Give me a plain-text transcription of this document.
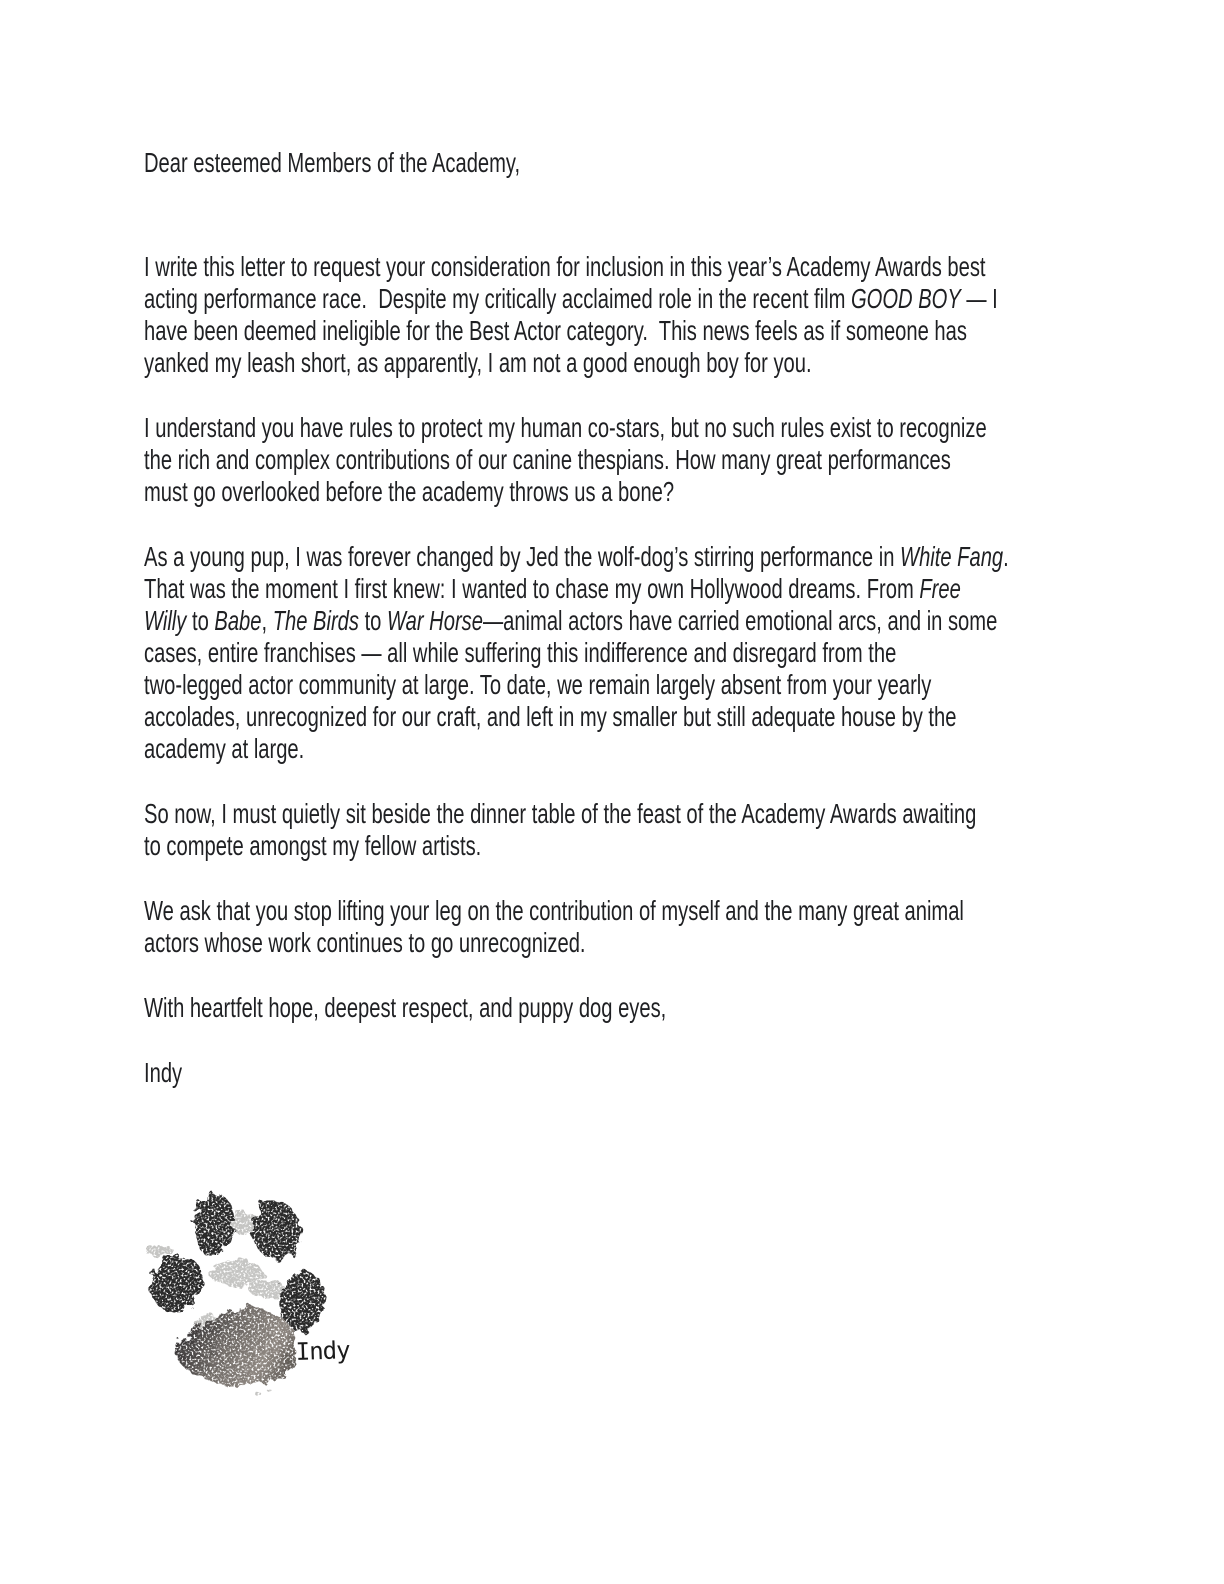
Dear esteemed Members of the Academy,
I write this letter to request your consideration for inclusion in this year’s Academy Awards best
acting performance race.  Despite my critically acclaimed role in the recent film GOOD BOY — I
have been deemed ineligible for the Best Actor category.  This news feels as if someone has
yanked my leash short, as apparently, I am not a good enough boy for you.
I understand you have rules to protect my human co-stars, but no such rules exist to recognize
the rich and complex contributions of our canine thespians. How many great performances
must go overlooked before the academy throws us a bone?
As a young pup, I was forever changed by Jed the wolf-dog’s stirring performance in White Fang.
That was the moment I first knew: I wanted to chase my own Hollywood dreams. From Free
Willy to Babe, The Birds to War Horse—animal actors have carried emotional arcs, and in some
cases, entire franchises — all while suffering this indifference and disregard from the
two-legged actor community at large. To date, we remain largely absent from your yearly
accolades, unrecognized for our craft, and left in my smaller but still adequate house by the
academy at large.
So now, I must quietly sit beside the dinner table of the feast of the Academy Awards awaiting
to compete amongst my fellow artists.
We ask that you stop lifting your leg on the contribution of myself and the many great animal
actors whose work continues to go unrecognized.
With heartfelt hope, deepest respect, and puppy dog eyes,
Indy
Indy
